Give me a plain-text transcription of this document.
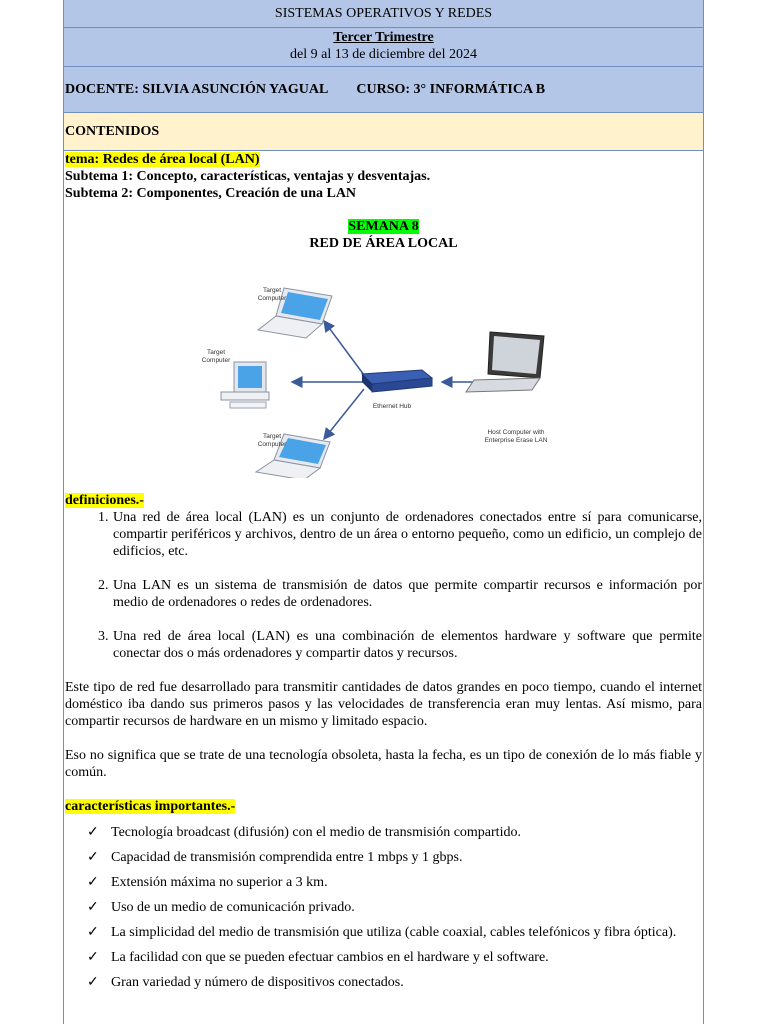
SISTEMAS OPERATIVOS Y REDES
Tercer Trimestre
del 9 al 13 de diciembre del 2024
DOCENTE: SILVIA ASUNCIÓN YAGUAL CURSO: 3° INFORMÁTICA B
CONTENIDOS
tema: Redes de área local (LAN)
Subtema 1: Concepto, características, ventajas y desventajas.
Subtema 2: Componentes, Creación de una LAN
SEMANA 8
RED DE ÁREA LOCAL
Target Computer
Target Computer
Target Computer
Ethernet Hub
Host Computer with Enterprise Erase LAN
definiciones.-
1. Una red de área local (LAN) es un conjunto de ordenadores conectados entre sí para comunicarse, compartir periféricos y archivos, dentro de un área o entorno pequeño, como un edificio, un complejo de edificios, etc.
2. Una LAN es un sistema de transmisión de datos que permite compartir recursos e información por medio de ordenadores o redes de ordenadores.
3. Una red de área local (LAN) es una combinación de elementos hardware y software que permite conectar dos o más ordenadores y compartir datos y recursos.

Este tipo de red fue desarrollado para transmitir cantidades de datos grandes en poco tiempo, cuando el internet doméstico iba dando sus primeros pasos y las velocidades de transferencia eran muy lentas. Así mismo, para compartir recursos de hardware en un mismo y limitado espacio.

Eso no significa que se trate de una tecnología obsoleta, hasta la fecha, es un tipo de conexión de lo más fiable y común.

características importantes.-
✓ Tecnología broadcast (difusión) con el medio de transmisión compartido.
✓ Capacidad de transmisión comprendida entre 1 mbps y 1 gbps.
✓ Extensión máxima no superior a 3 km.
✓ Uso de un medio de comunicación privado.
✓ La simplicidad del medio de transmisión que utiliza (cable coaxial, cables telefónicos y fibra óptica).
✓ La facilidad con que se pueden efectuar cambios en el hardware y el software.
✓ Gran variedad y número de dispositivos conectados.
